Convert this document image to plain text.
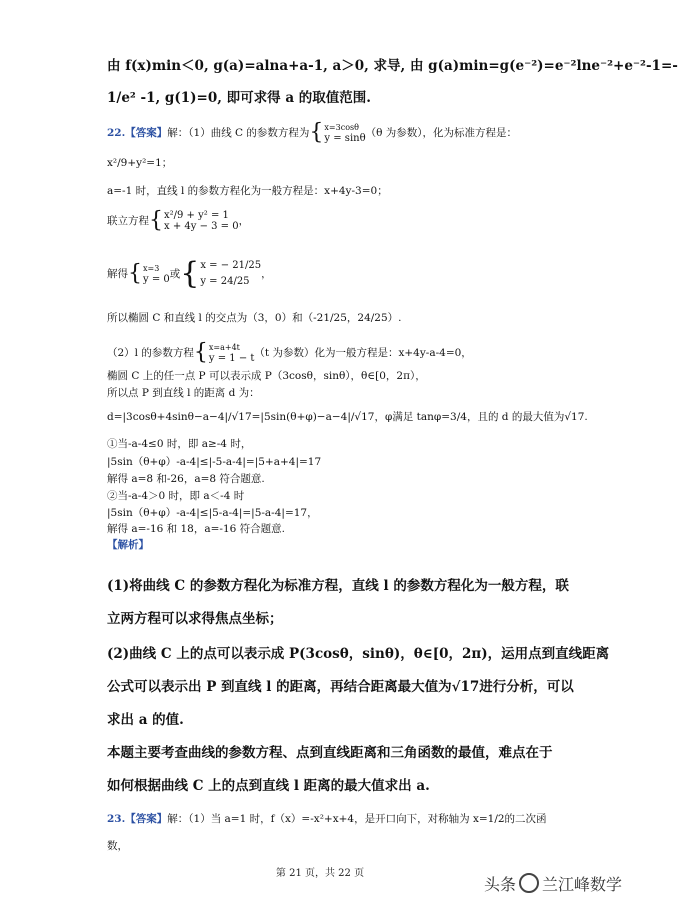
由 f(x)min＜0, g(a)=alna+a-1, a＞0, 求导, 由 g(a)min=g(e⁻²)=e⁻²lne⁻²+e⁻²-1=-
1/e² -1, g(1)=0, 即可求得 a 的取值范围.
22.【答案】解：（1）曲线 C 的参数方程为{x=3cosθ
y = sinθ（θ 为参数），化为标准方程是：
x²/9+y²=1；
a=-1 时，直线 l 的参数方程化为一般方程是：x+4y-3=0；
联立方程{x²/9 + y² = 1
x + 4y − 3 = 0，
解得{x=3
y = 0或{x = − 21/25
y = 24/25，
所以椭圆 C 和直线 l 的交点为（3，0）和（-21/25，24/25）.
（2）l 的参数方程{x=a+4t
y = 1 − t（t 为参数）化为一般方程是：x+4y-a-4=0，
椭圆 C 上的任一点 P 可以表示成 P（3cosθ，sinθ），θ∈[0，2π），
所以点 P 到直线 l 的距离 d 为：
d=|3cosθ+4sinθ−a−4|/√17=|5sin(θ+φ)−a−4|/√17，φ满足 tanφ=3/4，且的 d 的最大值为√17.
①当-a-4≤0 时，即 a≥-4 时，
|5sin（θ+φ）-a-4|≤|-5-a-4|=|5+a+4|=17
解得 a=8 和-26，a=8 符合题意.
②当-a-4＞0 时，即 a＜-4 时
|5sin（θ+φ）-a-4|≤|5-a-4|=|5-a-4|=17，
解得 a=-16 和 18，a=-16 符合题意.
【解析】
(1)将曲线 C 的参数方程化为标准方程，直线 l 的参数方程化为一般方程，联
立两方程可以求得焦点坐标；
(2)曲线 C 上的点可以表示成 P(3cosθ，sinθ)，θ∈[0，2π)，运用点到直线距离
公式可以表示出 P 到直线 l 的距离，再结合距离最大值为√17进行分析，可以
求出 a 的值.
本题主要考查曲线的参数方程、点到直线距离和三角函数的最值，难点在于
如何根据曲线 C 上的点到直线 l 距离的最大值求出 a.
23.【答案】解：（1）当 a=1 时，f（x）=-x²+x+4，是开口向下，对称轴为 x=1/2的二次函
数，
第 21 页，共 22 页
头条 兰江峰数学
